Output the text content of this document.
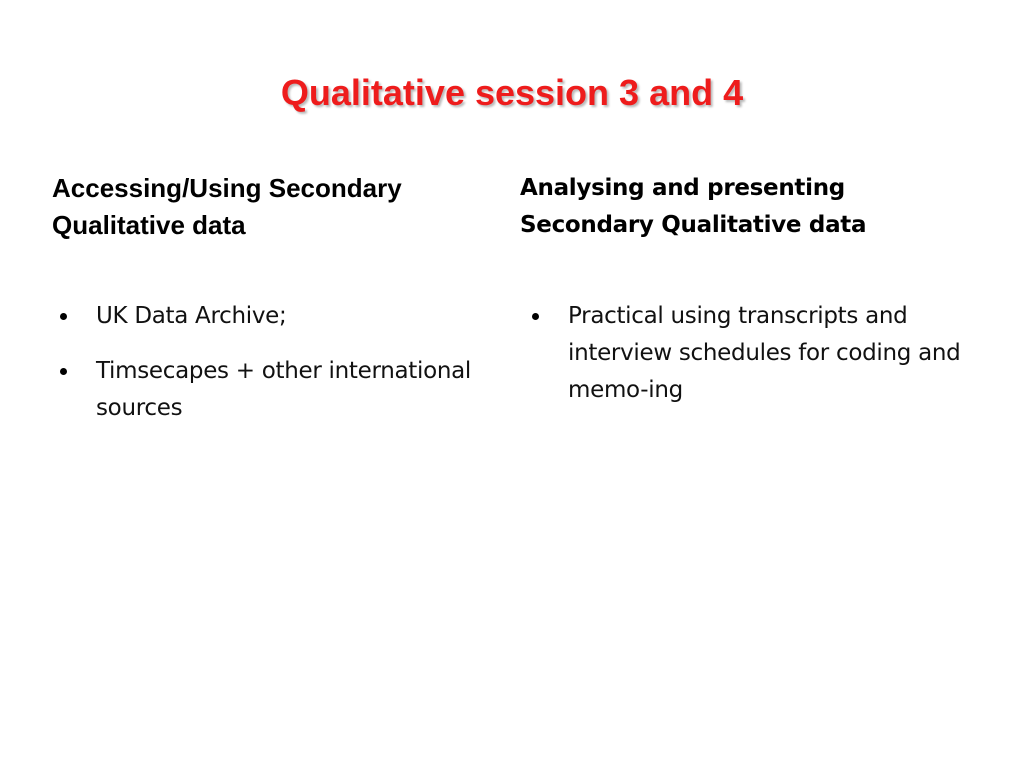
Qualitative session 3 and 4

Accessing/Using Secondary Qualitative data

UK Data Archive;
Timsecapes + other international sources

Analysing and presenting Secondary Qualitative data

Practical using transcripts and interview schedules for coding and memo-ing
